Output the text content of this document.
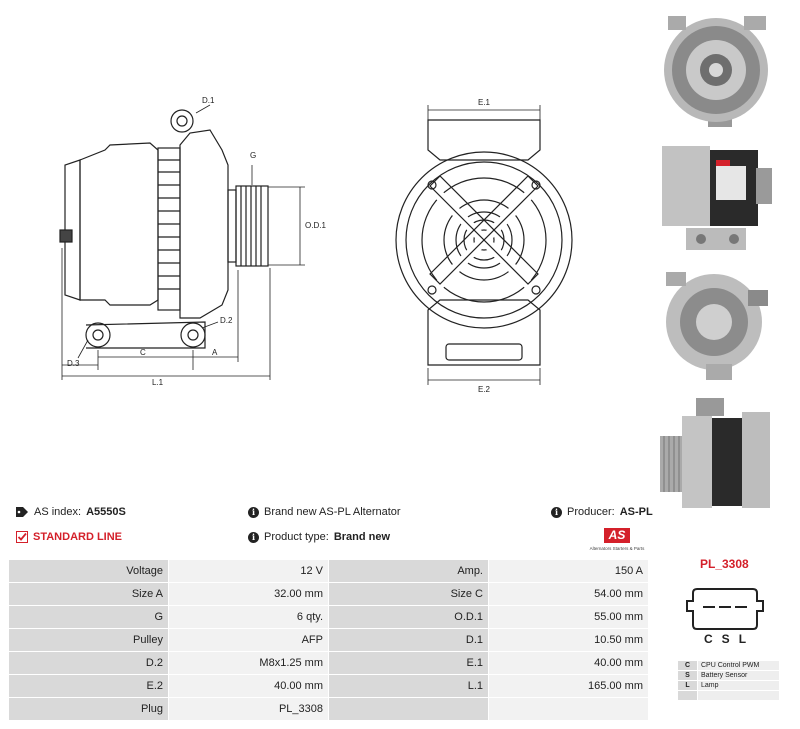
D.1
G
O.D.1
D.2
D.3
C	A
L.1
E.1
E.2
AS index: A5550S
STANDARD LINE
i Brand new AS-PL Alternator
i Product type: Brand new
i Producer: AS-PL
AS
Alternators Starters & Parts
Voltage	12 V	Amp.	150 A
Size A	32.00 mm	Size C	54.00 mm
G	6 qty.	O.D.1	55.00 mm
Pulley	AFP	D.1	10.50 mm
D.2	M8x1.25 mm	E.1	40.00 mm
E.2	40.00 mm	L.1	165.00 mm
Plug	PL_3308		
PL_3308
C S L
C	CPU Control PWM
S	Battery Sensor
L	Lamp
